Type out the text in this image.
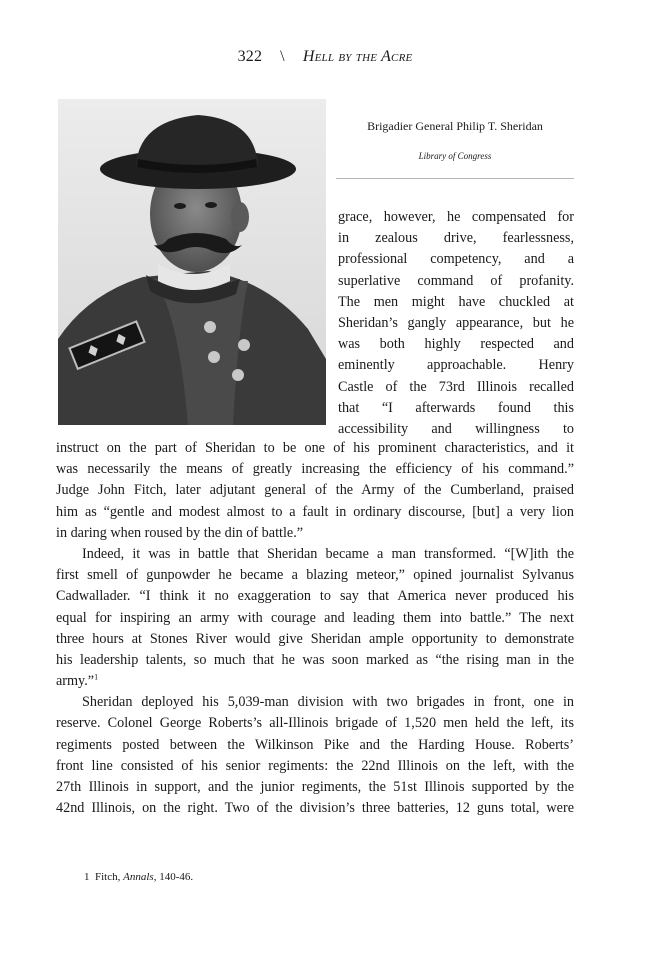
322 \ Hell by the Acre
Brigadier General Philip T. Sheridan
Library of Congress
grace, however, he compensated for
in zealous drive, fearlessness,
professional competency, and a
superlative command of profanity.
The men might have chuckled at
Sheridan’s gangly appearance, but he
was both highly respected and
eminently approachable. Henry
Castle of the 73rd Illinois recalled
that “I afterwards found this
accessibility and willingness to
instruct on the part of Sheridan to be one of his prominent characteristics, and it
was necessarily the means of greatly increasing the efficiency of his command.”
Judge John Fitch, later adjutant general of the Army of the Cumberland, praised
him as “gentle and modest almost to a fault in ordinary discourse, [but] a very lion
in daring when roused by the din of battle.”
Indeed, it was in battle that Sheridan became a man transformed. “[W]ith the
first smell of gunpowder he became a blazing meteor,” opined journalist Sylvanus
Cadwallader. “I think it no exaggeration to say that America never produced his
equal for inspiring an army with courage and leading them into battle.” The next
three hours at Stones River would give Sheridan ample opportunity to demonstrate
his leadership talents, so much that he was soon marked as “the rising man in the
army.”$^1$
Sheridan deployed his 5,039-man division with two brigades in front, one in
reserve. Colonel George Roberts’s all-Illinois brigade of 1,520 men held the left, its
regiments posted between the Wilkinson Pike and the Harding House. Roberts’
front line consisted of his senior regiments: the 22nd Illinois on the left, with the
27th Illinois in support, and the junior regiments, the 51st Illinois supported by the
42nd Illinois, on the right. Two of the division’s three batteries, 12 guns total, were
1 Fitch, Annals, 140-46.
